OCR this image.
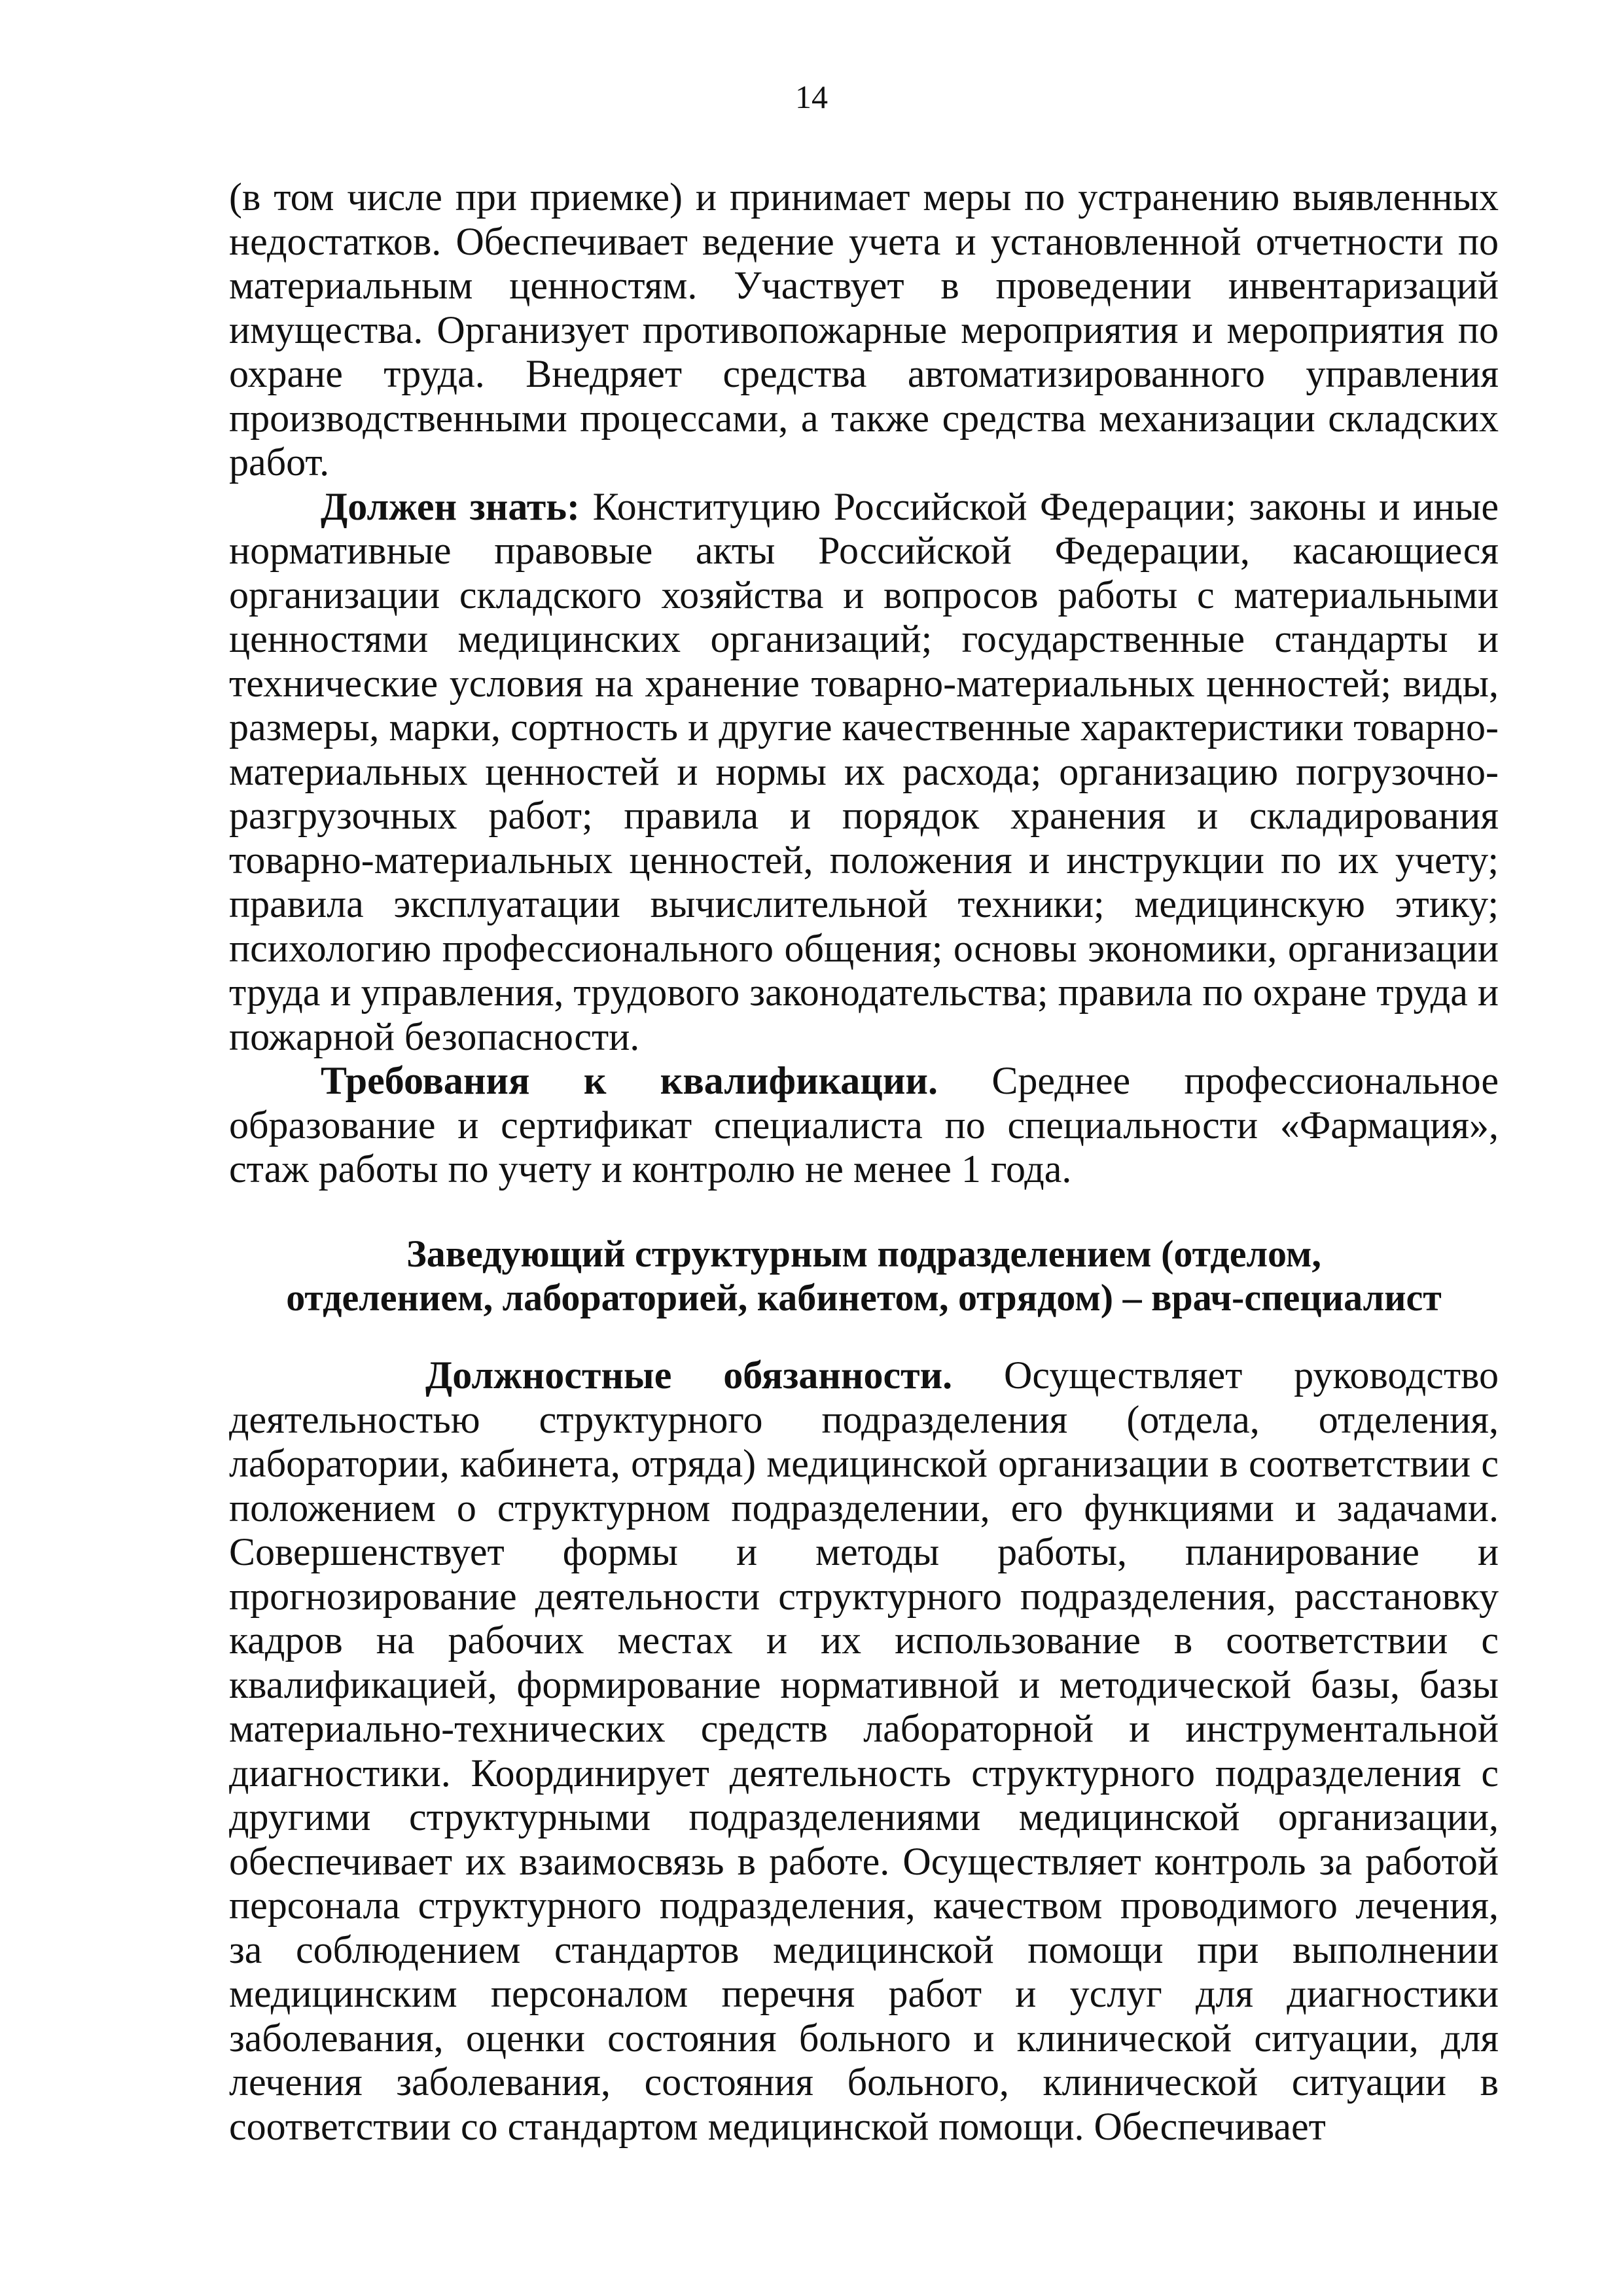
14

(в том числе при приемке) и принимает меры по устранению выявленных недостатков. Обеспечивает ведение учета и установленной отчетности по материальным ценностям. Участвует в проведении инвентаризаций имущества. Организует противопожарные мероприятия и мероприятия по охране труда. Внедряет средства автоматизированного управления производственными процессами, а также средства механизации складских работ.

Должен знать: Конституцию Российской Федерации; законы и иные нормативные правовые акты Российской Федерации, касающиеся организации складского хозяйства и вопросов работы с материальными ценностями медицинских организаций; государственные стандарты и технические условия на хранение товарно-материальных ценностей; виды, размеры, марки, сортность и другие качественные характеристики товарно-материальных ценностей и нормы их расхода; организацию погрузочно-разгрузочных работ; правила и порядок хранения и складирования товарно-материальных ценностей, положения и инструкции по их учету; правила эксплуатации вычислительной техники; медицинскую этику; психологию профессионального общения; основы экономики, организации труда и управления, трудового законодательства; правила по охране труда и пожарной безопасности.

Требования к квалификации. Среднее профессиональное образование и сертификат специалиста по специальности «Фармация», стаж работы по учету и контролю не менее 1 года.

Заведующий структурным подразделением (отделом,

отделением, лабораторией, кабинетом, отрядом) – врач-специалист

Должностные обязанности. Осуществляет руководство деятельностью структурного подразделения (отдела, отделения, лаборатории, кабинета, отряда) медицинской организации в соответствии с положением о структурном подразделении, его функциями и задачами. Совершенствует формы и методы работы, планирование и прогнозирование деятельности структурного подразделения, расстановку кадров на рабочих местах и их использование в соответствии с квалификацией, формирование нормативной и методической базы, базы материально-технических средств лабораторной и инструментальной диагностики. Координирует деятельность структурного подразделения с другими структурными подразделениями медицинской организации, обеспечивает их взаимосвязь в работе. Осуществляет контроль за работой персонала структурного подразделения, качеством проводимого лечения, за соблюдением стандартов медицинской помощи при выполнении медицинским персоналом перечня работ и услуг для диагностики заболевания, оценки состояния больного и клинической ситуации, для лечения заболевания, состояния больного, клинической ситуации в соответствии со стандартом медицинской помощи. Обеспечивает
